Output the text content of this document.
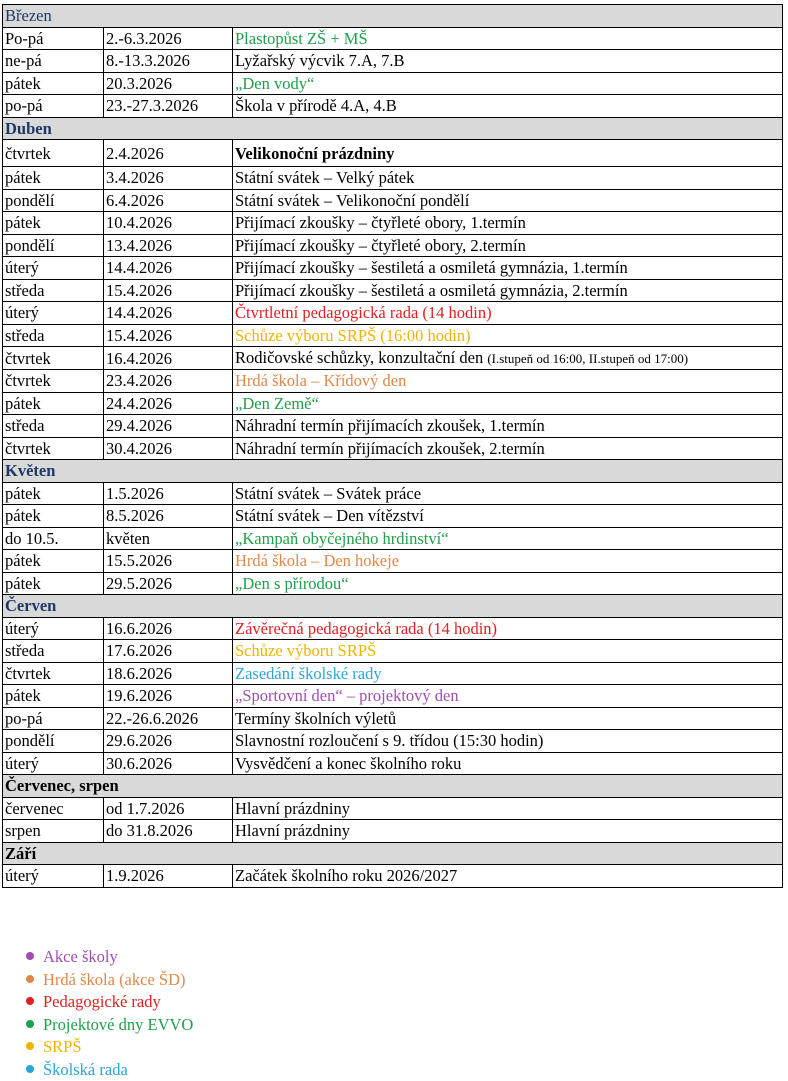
Březen		
Po-pá	2.-6.3.2026	Plastopůst ZŠ + MŠ
ne-pá	8.-13.3.2026	Lyžařský výcvik 7.A, 7.B
pátek	20.3.2026	„Den vody“
po-pá	23.-27.3.2026	Škola v přírodě 4.A, 4.B
Duben		
čtvrtek	2.4.2026	Velikonoční prázdniny
pátek	3.4.2026	Státní svátek – Velký pátek
pondělí	6.4.2026	Státní svátek – Velikonoční pondělí
pátek	10.4.2026	Přijímací zkoušky – čtyřleté obory, 1.termín
pondělí	13.4.2026	Přijímací zkoušky – čtyřleté obory, 2.termín
úterý	14.4.2026	Přijímací zkoušky – šestiletá a osmiletá gymnázia, 1.termín
středa	15.4.2026	Přijímací zkoušky – šestiletá a osmiletá gymnázia, 2.termín
úterý	14.4.2026	Čtvrtletní pedagogická rada (14 hodin)
středa	15.4.2026	Schůze výboru SRPŠ (16:00 hodin)
čtvrtek	16.4.2026	Rodičovské schůzky, konzultační den (I.stupeň od 16:00, II.stupeň od 17:00)
čtvrtek	23.4.2026	Hrdá škola – Křídový den
pátek	24.4.2026	„Den Země“
středa	29.4.2026	Náhradní termín přijímacích zkoušek, 1.termín
čtvrtek	30.4.2026	Náhradní termín přijímacích zkoušek, 2.termín
Květen		
pátek	1.5.2026	Státní svátek – Svátek práce
pátek	8.5.2026	Státní svátek – Den vítězství
do 10.5.	květen	„Kampaň obyčejného hrdinství“
pátek	15.5.2026	Hrdá škola – Den hokeje
pátek	29.5.2026	„Den s přírodou“
Červen		
úterý	16.6.2026	Závěrečná pedagogická rada (14 hodin)
středa	17.6.2026	Schůze výboru SRPŠ
čtvrtek	18.6.2026	Zasedání školské rady
pátek	19.6.2026	„Sportovní den“ – projektový den
po-pá	22.-26.6.2026	Termíny školních výletů
pondělí	29.6.2026	Slavnostní rozloučení s 9. třídou (15:30 hodin)
úterý	30.6.2026	Vysvědčení a konec školního roku
Červenec, srpen		
červenec	od 1.7.2026	Hlavní prázdniny
srpen	do 31.8.2026	Hlavní prázdniny
Září		
úterý	1.9.2026	Začátek školního roku 2026/2027
Akce školy
Hrdá škola (akce ŠD)
Pedagogické rady
Projektové dny EVVO
SRPŠ
Školská rada
